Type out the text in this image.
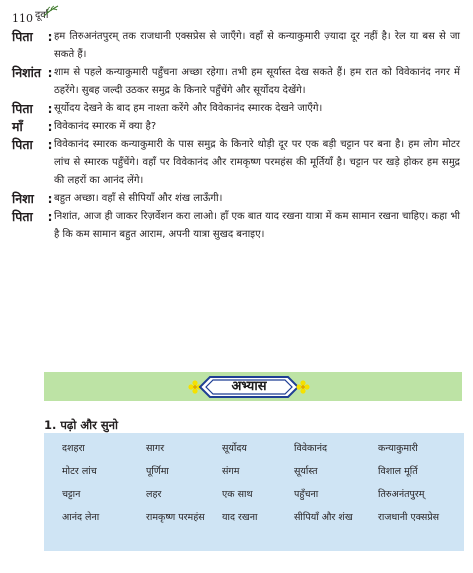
110 दूर्वा
पिता	: हम तिरुअनंतपुरम् तक राजधानी एक्सप्रेस से जाएँगे। वहाँ से कन्याकुमारी ज़्यादा दूर नहीं है। रेल या बस से जा सकते हैं।
निशांत : शाम से पहले कन्याकुमारी पहुँचना अच्छा रहेगा। तभी हम सूर्यास्त देख सकते हैं। हम रात को विवेकानंद नगर में ठहरेंगे। सुबह जल्दी उठकर समुद्र के किनारे पहुँचेंगे और सूर्योदय देखेंगे।
पिता	: सूर्योदय देखने के बाद हम नाश्ता करेंगे और विवेकानंद स्मारक देखने जाएँगे।
माँ	: विवेकानंद स्मारक में क्या है?
पिता	: विवेकानंद स्मारक कन्याकुमारी के पास समुद्र के किनारे थोड़ी दूर पर एक बड़ी चट्टान पर बना है। हम लोग मोटर लांच से स्मारक पहुँचेंगे। वहाँ पर विवेकानंद और रामकृष्ण परमहंस की मूर्तियाँ है। चट्टान पर खड़े होकर हम समुद्र की लहरों का आनंद लेंगे।
निशा	: बहुत अच्छा। वहाँ से सीपियाँ और शंख लाऊँगी।
पिता	: निशांत, आज ही जाकर रिज़र्वेशन करा लाओ। हाँ एक बात याद रखना यात्रा में कम सामान रखना चाहिए। कहा भी है कि कम सामान बहुत आराम, अपनी यात्रा सुखद बनाइए।
अभ्यास
1. पढ़ो और सुनो
दशहरा	सागर	सूर्योदय	विवेकानंद	कन्याकुमारी
मोटर लांच	पूर्णिमा	संगम	सूर्यास्त	विशाल मूर्ति
चट्टान	लहर	एक साथ	पहुँचना	तिरुअनंतपुरम्
आनंद लेना	रामकृष्ण परमहंस	याद रखना	सीपियाँ और शंख	राजधानी एक्सप्रेस
